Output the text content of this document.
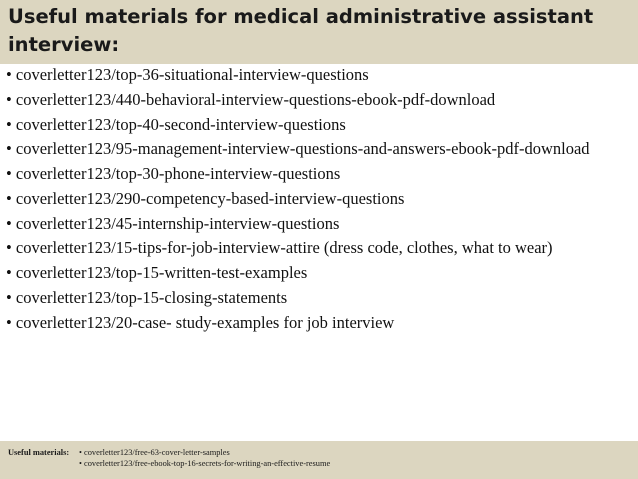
Useful materials for medical administrative assistant interview:
• coverletter123/top-36-situational-interview-questions
• coverletter123/440-behavioral-interview-questions-ebook-pdf-download
• coverletter123/top-40-second-interview-questions
• coverletter123/95-management-interview-questions-and-answers-ebook-pdf-download
• coverletter123/top-30-phone-interview-questions
• coverletter123/290-competency-based-interview-questions
• coverletter123/45-internship-interview-questions
• coverletter123/15-tips-for-job-interview-attire (dress code, clothes, what to wear)
• coverletter123/top-15-written-test-examples
• coverletter123/top-15-closing-statements
• coverletter123/20-case- study-examples for job interview
Useful materials:	•
coverletter123/free-63-cover-letter-samples
•
coverletter123/free-ebook-top-16-secrets-for-writing-an-effective-resume
